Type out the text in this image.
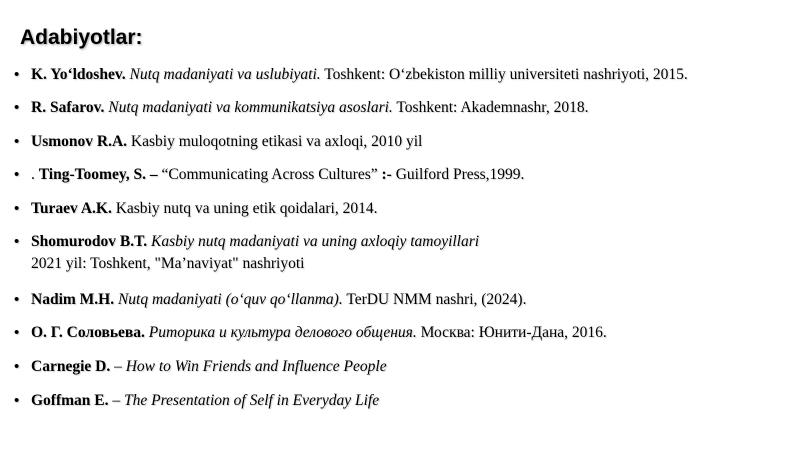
Adabiyotlar:
• K. Yo‘ldoshev. Nutq madaniyati va uslubiyati. Toshkent: O‘zbekiston milliy universiteti nashriyoti, 2015.
• R. Safarov. Nutq madaniyati va kommunikatsiya asoslari. Toshkent: Akademnashr, 2018.
• Usmonov R.A. Kasbiy muloqotning etikasi va axloqi, 2010 yil
• . Ting-Toomey, S. – “Communicating Across Cultures” :- Guilford Press,1999.
• Turaev A.K. Kasbiy nutq va uning etik qoidalari, 2014.
• Shomurodov B.T. Kasbiy nutq madaniyati va uning axloqiy tamoyillari
2021 yil: Toshkent, "Ma’naviyat" nashriyoti
• Nadim M.H. Nutq madaniyati (o‘quv qo‘llanma). TerDU NMM nashri, (2024).
• О. Г. Соловьева. Риторика и культура делового общения. Москва: Юнити-Дана, 2016.
• Carnegie D. – How to Win Friends and Influence People
• Goffman E. – The Presentation of Self in Everyday Life
